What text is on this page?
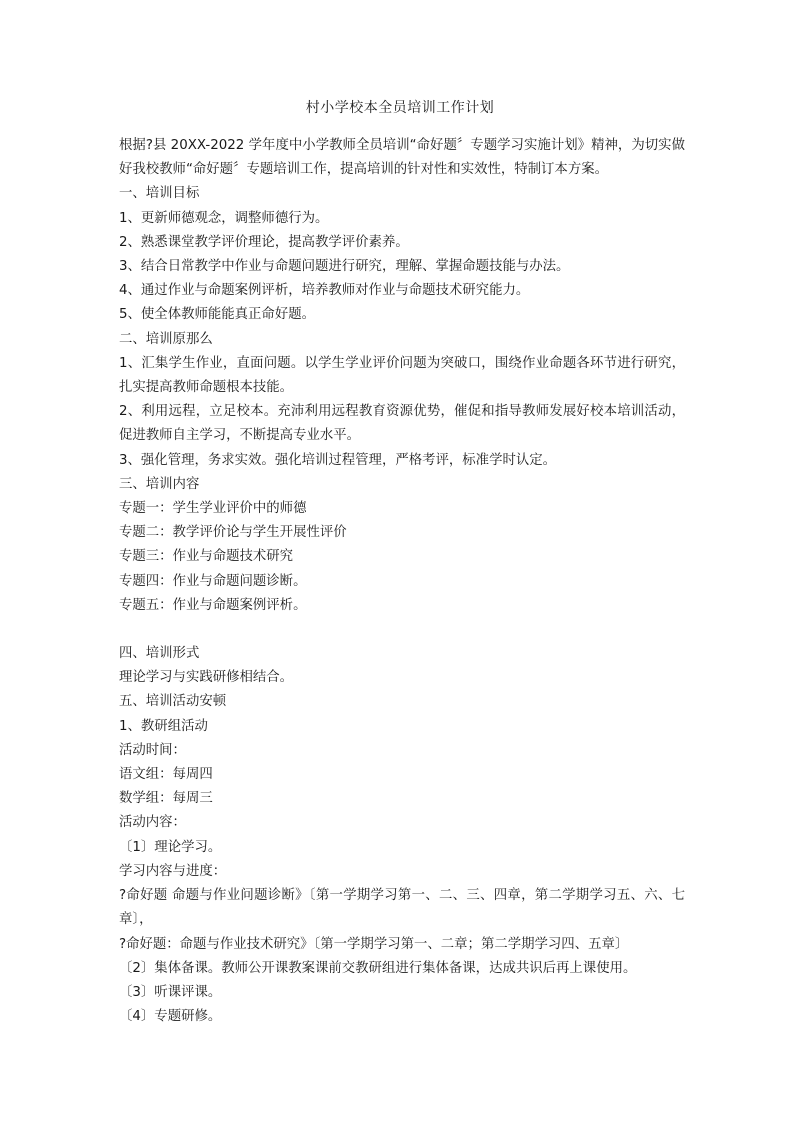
村小学校本全员培训工作计划

根据?县 20XX-2022 学年度中小学教师全员培训“命好题〞专题学习实施计划》精神，为切实做好我校教师“命好题〞专题培训工作，提高培训的针对性和实效性，特制订本方案。

一、培训目标

1、更新师德观念，调整师德行为。

2、熟悉课堂教学评价理论，提高教学评价素养。

3、结合日常教学中作业与命题问题进行研究，理解、掌握命题技能与办法。

4、通过作业与命题案例评析，培养教师对作业与命题技术研究能力。

5、使全体教师能能真正命好题。

二、培训原那么

1、汇集学生作业，直面问题。以学生学业评价问题为突破口，围绕作业命题各环节进行研究，扎实提高教师命题根本技能。

2、利用远程，立足校本。充沛利用远程教育资源优势，催促和指导教师发展好校本培训活动，促进教师自主学习，不断提高专业水平。

3、强化管理，务求实效。强化培训过程管理，严格考评，标准学时认定。

三、培训内容

专题一：学生学业评价中的师德

专题二：教学评价论与学生开展性评价

专题三：作业与命题技术研究

专题四：作业与命题问题诊断。

专题五：作业与命题案例评析。

四、培训形式

理论学习与实践研修相结合。

五、培训活动安顿

1、教研组活动

活动时间：

语文组：每周四

数学组：每周三

活动内容：

〔1〕理论学习。

学习内容与进度：

?命好题 命题与作业问题诊断》〔第一学期学习第一、二、三、四章，第二学期学习五、六、七章〕，

?命好题：命题与作业技术研究》〔第一学期学习第一、二章；第二学期学习四、五章〕

〔2〕集体备课。教师公开课教案课前交教研组进行集体备课，达成共识后再上课使用。

〔3〕听课评课。

〔4〕专题研修。
